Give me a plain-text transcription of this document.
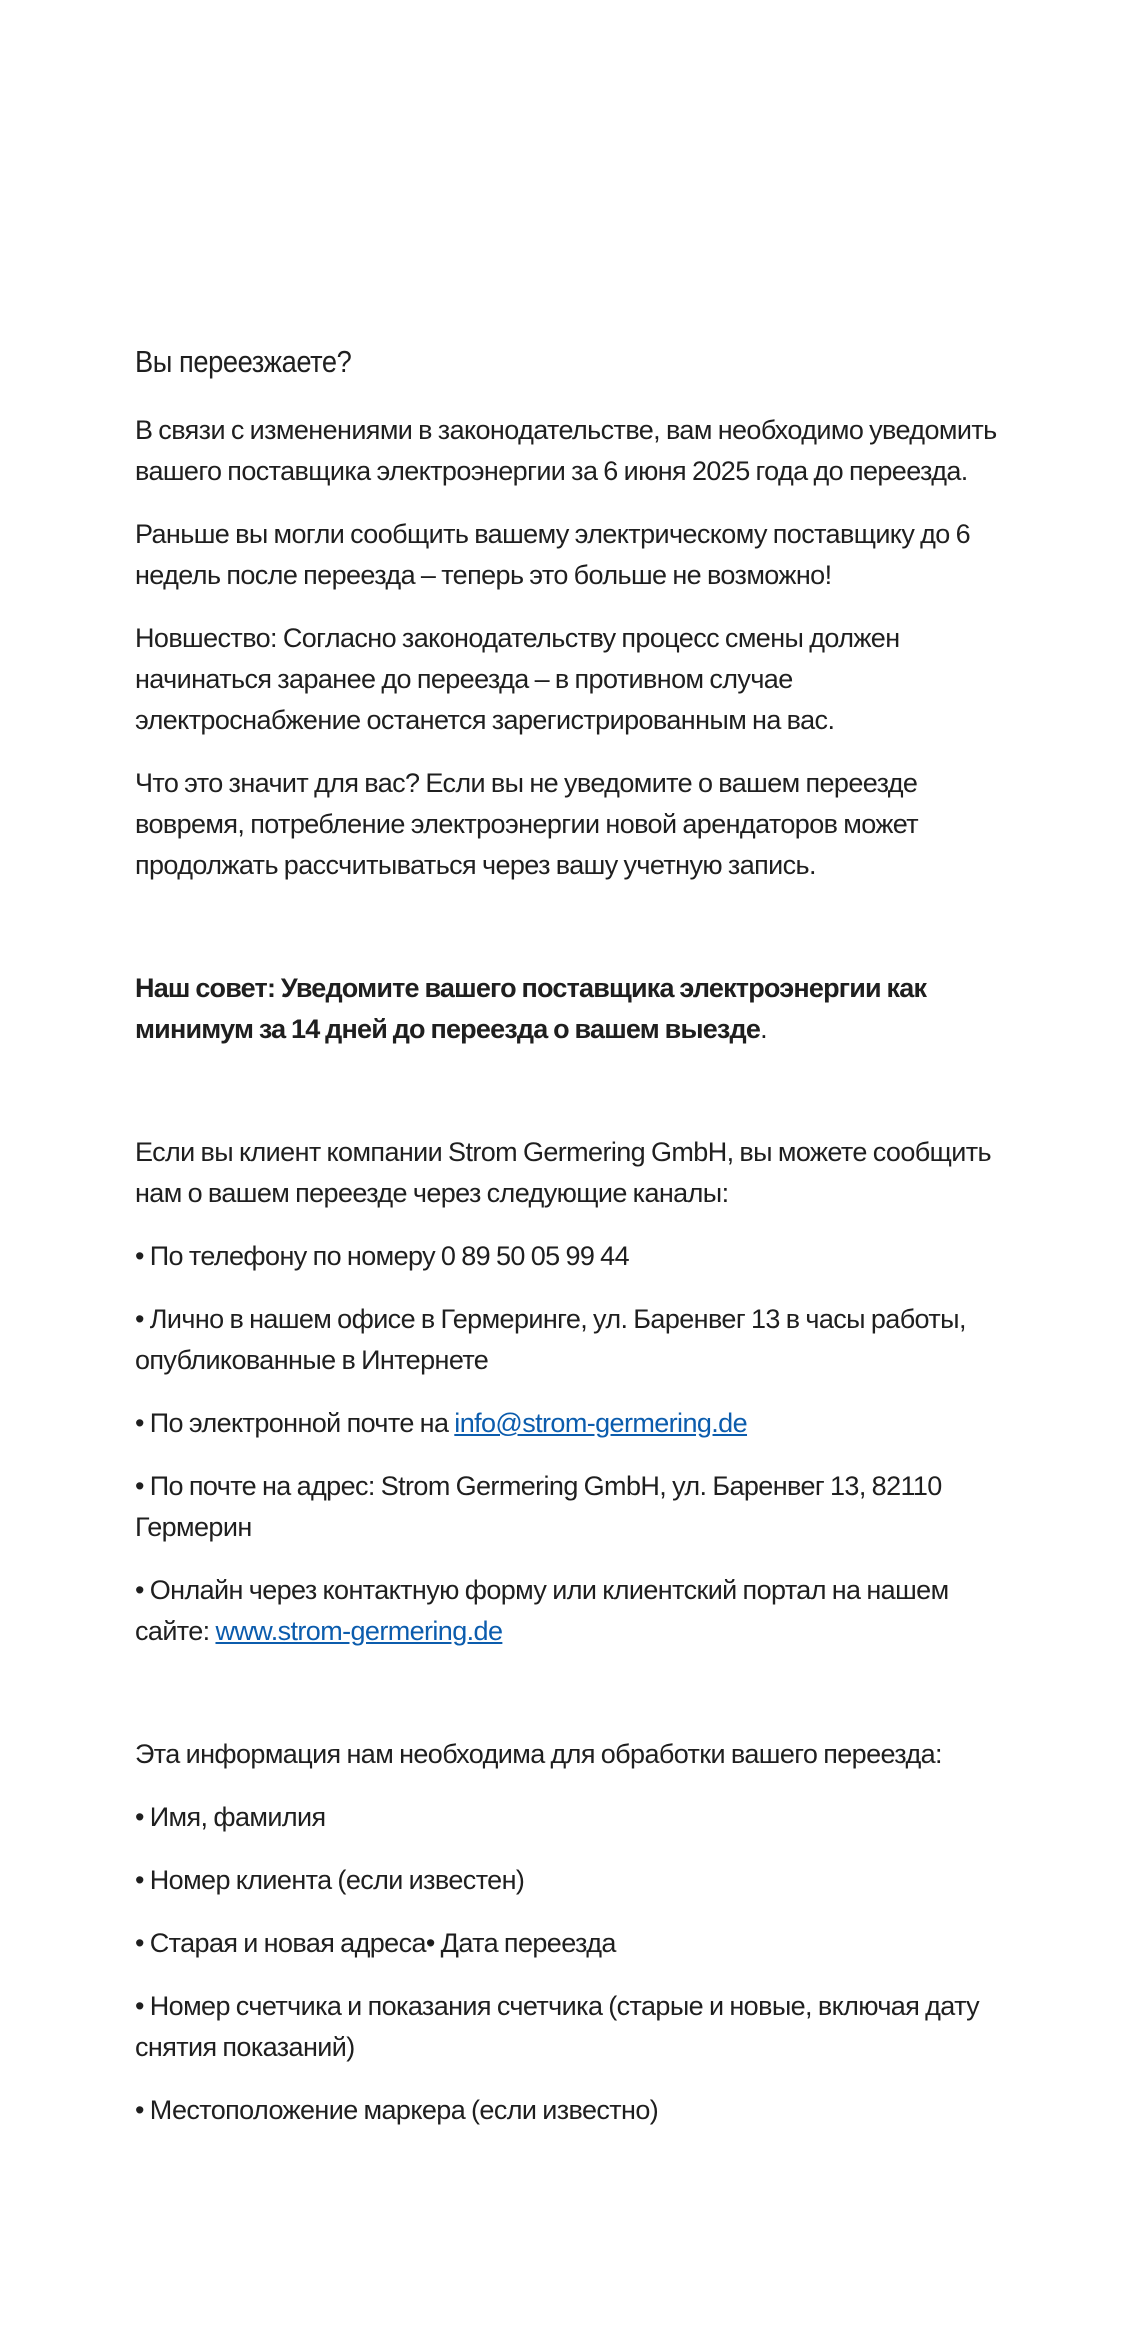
Вы переезжаете?

В связи с изменениями в законодательстве, вам необходимо уведомить вашего поставщика электроэнергии за 6 июня 2025 года до переезда.

Раньше вы могли сообщить вашему электрическому поставщику до 6 недель после переезда – теперь это больше не возможно!

Новшество: Согласно законодательству процесс смены должен начинаться заранее до переезда – в противном случае электроснабжение останется зарегистрированным на вас.

Что это значит для вас? Если вы не уведомите о вашем переезде вовремя, потребление электроэнергии новой арендаторов может продолжать рассчитываться через вашу учетную запись.

Наш совет: Уведомите вашего поставщика электроэнергии как минимум за 14 дней до переезда о вашем выезде.

Если вы клиент компании Strom Germering GmbH, вы можете сообщить нам о вашем переезде через следующие каналы:

• По телефону по номеру 0 89 50 05 99 44

• Лично в нашем офисе в Гермеринге, ул. Баренвег 13 в часы работы, опубликованные в Интернете

• По электронной почте на info@strom-germering.de

• По почте на адрес: Strom Germering GmbH, ул. Баренвег 13, 82110 Гермерин

• Онлайн через контактную форму или клиентский портал на нашем сайте: www.strom-germering.de

Эта информация нам необходима для обработки вашего переезда:

• Имя, фамилия

• Номер клиента (если известен)

• Старая и новая адреса• Дата переезда

• Номер счетчика и показания счетчика (старые и новые, включая дату снятия показаний)

• Местоположение маркера (если известно)
